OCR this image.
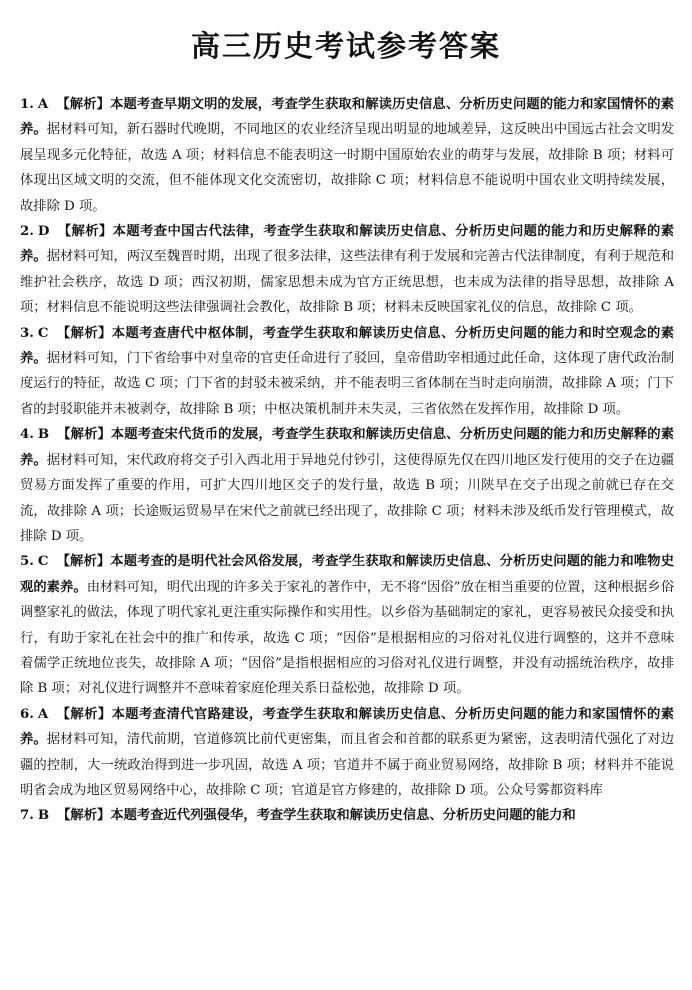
高三历史考试参考答案
1. A 【解析】本题考查早期文明的发展，考查学生获取和解读历史信息、分析历史问题的能力和家国情怀的素养。据材料可知，新石器时代晚期，不同地区的农业经济呈现出明显的地域差异，这反映出中国远古社会文明发展呈现多元化特征，故选 A 项；材料信息不能表明这一时期中国原始农业的萌芽与发展，故排除 B 项；材料可体现出区域文明的交流，但不能体现文化交流密切，故排除 C 项；材料信息不能说明中国农业文明持续发展，故排除 D 项。
2. D 【解析】本题考查中国古代法律，考查学生获取和解读历史信息、分析历史问题的能力和历史解释的素养。据材料可知，两汉至魏晋时期，出现了很多法律，这些法律有利于发展和完善古代法律制度，有利于规范和维护社会秩序，故选 D 项；西汉初期，儒家思想未成为官方正统思想，也未成为法律的指导思想，故排除 A 项；材料信息不能说明这些法律强调社会教化，故排除 B 项；材料未反映国家礼仪的信息，故排除 C 项。
3. C 【解析】本题考查唐代中枢体制，考查学生获取和解读历史信息、分析历史问题的能力和时空观念的素养。据材料可知，门下省给事中对皇帝的官吏任命进行了驳回，皇帝借助宰相通过此任命，这体现了唐代政治制度运行的特征，故选 C 项；门下省的封驳未被采纳，并不能表明三省体制在当时走向崩溃，故排除 A 项；门下省的封驳职能并未被剥夺，故排除 B 项；中枢决策机制并未失灵，三省依然在发挥作用，故排除 D 项。
4. B 【解析】本题考查宋代货币的发展，考查学生获取和解读历史信息、分析历史问题的能力和历史解释的素养。据材料可知，宋代政府将交子引入西北用于异地兑付钞引，这使得原先仅在四川地区发行使用的交子在边疆贸易方面发挥了重要的作用，可扩大四川地区交子的发行量，故选 B 项；川陕早在交子出现之前就已存在交流，故排除 A 项；长途贩运贸易早在宋代之前就已经出现了，故排除 C 项；材料未涉及纸币发行管理模式，故排除 D 项。
5. C 【解析】本题考查的是明代社会风俗发展，考查学生获取和解读历史信息、分析历史问题的能力和唯物史观的素养。由材料可知，明代出现的许多关于家礼的著作中，无不将“因俗”放在相当重要的位置，这种根据乡俗调整家礼的做法，体现了明代家礼更注重实际操作和实用性。以乡俗为基础制定的家礼，更容易被民众接受和执行，有助于家礼在社会中的推广和传承，故选 C 项；“因俗”是根据相应的习俗对礼仪进行调整的，这并不意味着儒学正统地位丧失，故排除 A 项；“因俗”是指根据相应的习俗对礼仪进行调整，并没有动摇统治秩序，故排除 B 项；对礼仪进行调整并不意味着家庭伦理关系日益松弛，故排除 D 项。
6. A 【解析】本题考查清代官路建设，考查学生获取和解读历史信息、分析历史问题的能力和家国情怀的素养。据材料可知，清代前期，官道修筑比前代更密集，而且省会和首都的联系更为紧密，这表明清代强化了对边疆的控制，大一统政治得到进一步巩固，故选 A 项；官道并不属于商业贸易网络，故排除 B 项；材料并不能说明省会成为地区贸易网络中心，故排除 C 项；官道是官方修建的，故排除 D 项。公众号雾都资料库
7. B 【解析】本题考查近代列强侵华，考查学生获取和解读历史信息、分析历史问题的能力和
